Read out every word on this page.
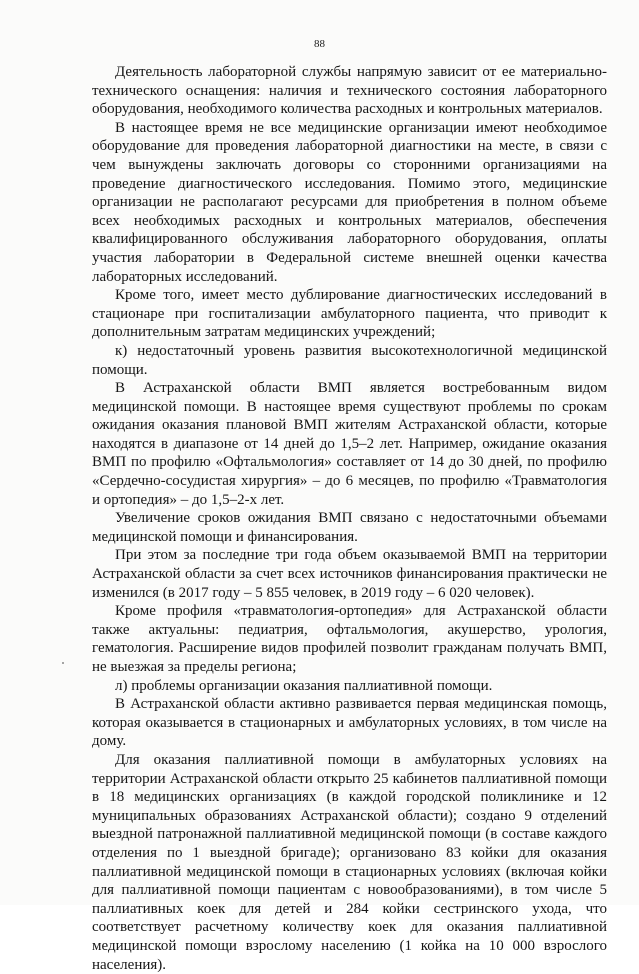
88

Деятельность лабораторной службы напрямую зависит от ее материально-технического оснащения: наличия и технического состояния лабораторного оборудования, необходимого количества расходных и контрольных материалов.

В настоящее время не все медицинские организации имеют необходимое оборудование для проведения лабораторной диагностики на месте, в связи с чем вынуждены заключать договоры со сторонними организациями на проведение диагностического исследования. Помимо этого, медицинские организации не располагают ресурсами для приобретения в полном объеме всех необходимых расходных и контрольных материалов, обеспечения квалифицированного обслуживания лабораторного оборудования, оплаты участия лаборатории в Федеральной системе внешней оценки качества лабораторных исследований.

Кроме того, имеет место дублирование диагностических исследований в стационаре при госпитализации амбулаторного пациента, что приводит к дополнительным затратам медицинских учреждений;

к) недостаточный уровень развития высокотехнологичной медицинской помощи.

В Астраханской области ВМП является востребованным видом медицинской помощи. В настоящее время существуют проблемы по срокам ожидания оказания плановой ВМП жителям Астраханской области, которые находятся в диапазоне от 14 дней до 1,5–2 лет. Например, ожидание оказания ВМП по профилю «Офтальмология» составляет от 14 до 30 дней, по профилю «Сердечно-сосудистая хирургия» – до 6 месяцев, по профилю «Травматология и ортопедия» – до 1,5–2-х лет.

Увеличение сроков ожидания ВМП связано с недостаточными объемами медицинской помощи и финансирования.

При этом за последние три года объем оказываемой ВМП на территории Астраханской области за счет всех источников финансирования практически не изменился (в 2017 году – 5 855 человек, в 2019 году – 6 020 человек).

Кроме профиля «травматология-ортопедия» для Астраханской области также актуальны: педиатрия, офтальмология, акушерство, урология, гематология. Расширение видов профилей позволит гражданам получать ВМП, не выезжая за пределы региона;

л) проблемы организации оказания паллиативной помощи.

В Астраханской области активно развивается первая медицинская помощь, которая оказывается в стационарных и амбулаторных условиях, в том числе на дому.

Для оказания паллиативной помощи в амбулаторных условиях на территории Астраханской области открыто 25 кабинетов паллиативной помощи в 18 медицинских организациях (в каждой городской поликлинике и 12 муниципальных образованиях Астраханской области); создано 9 отделений выездной патронажной паллиативной медицинской помощи (в составе каждого отделения по 1 выездной бригаде); организовано 83 койки для оказания паллиативной медицинской помощи в стационарных условиях (включая койки для паллиативной помощи пациентам с новообразованиями), в том числе 5 паллиативных коек для детей и 284 койки сестринского ухода, что соответствует расчетному количеству коек для оказания паллиативной медицинской помощи взрослому населению (1 койка на 10 000 взрослого населения).
